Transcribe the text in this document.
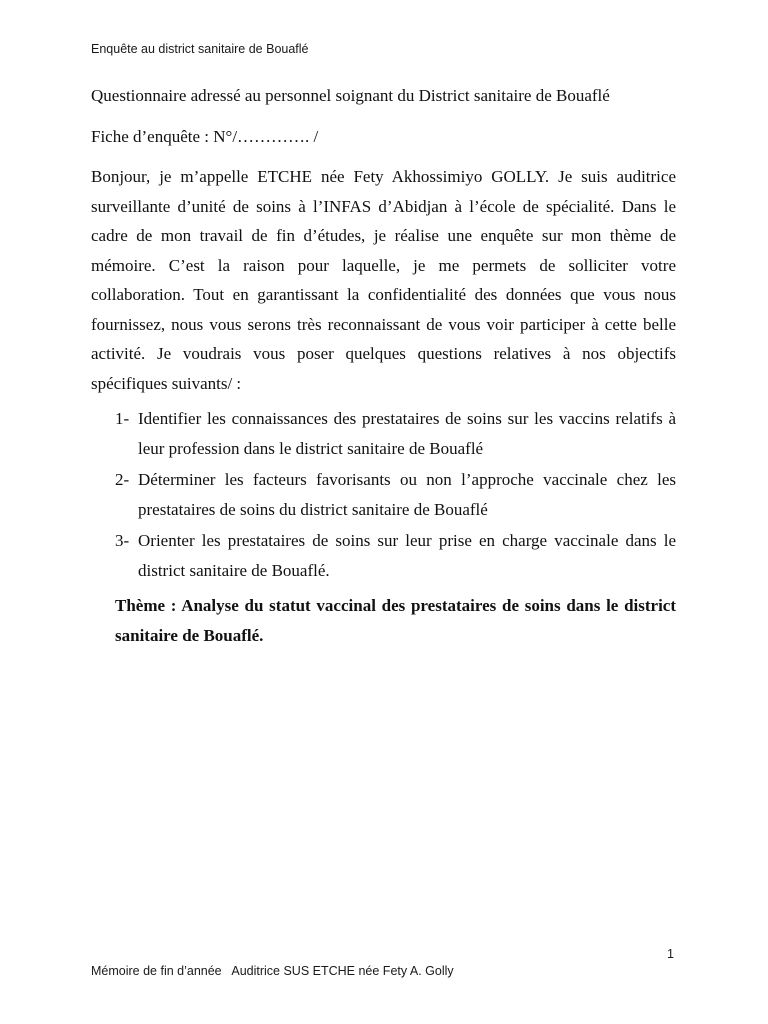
Enquête au district sanitaire de Bouaflé
Questionnaire adressé au personnel soignant du District sanitaire de Bouaflé
Fiche d’enquête : N°/…………. /

Bonjour, je m’appelle ETCHE née Fety Akhossimiyo GOLLY. Je suis auditrice surveillante d’unité de soins à l’INFAS d’Abidjan à l’école de spécialité. Dans le cadre de mon travail de fin d’études, je réalise une enquête sur mon thème de mémoire. C’est la raison pour laquelle, je me permets de solliciter votre collaboration. Tout en garantissant la confidentialité des données que vous nous fournissez, nous vous serons très reconnaissant de vous voir participer à cette belle activité. Je voudrais vous poser quelques questions relatives à nos objectifs spécifiques suivants/ :

1- Identifier les connaissances des prestataires de soins sur les vaccins relatifs à leur profession dans le district sanitaire de Bouaflé
2- Déterminer les facteurs favorisants ou non l’approche vaccinale chez les prestataires de soins du district sanitaire de Bouaflé
3- Orienter les prestataires de soins sur leur prise en charge vaccinale dans le district sanitaire de Bouaflé.

Thème : Analyse du statut vaccinal des prestataires de soins dans le district sanitaire de Bouaflé.

1
Mémoire de fin d’année   Auditrice SUS ETCHE née Fety A. Golly
